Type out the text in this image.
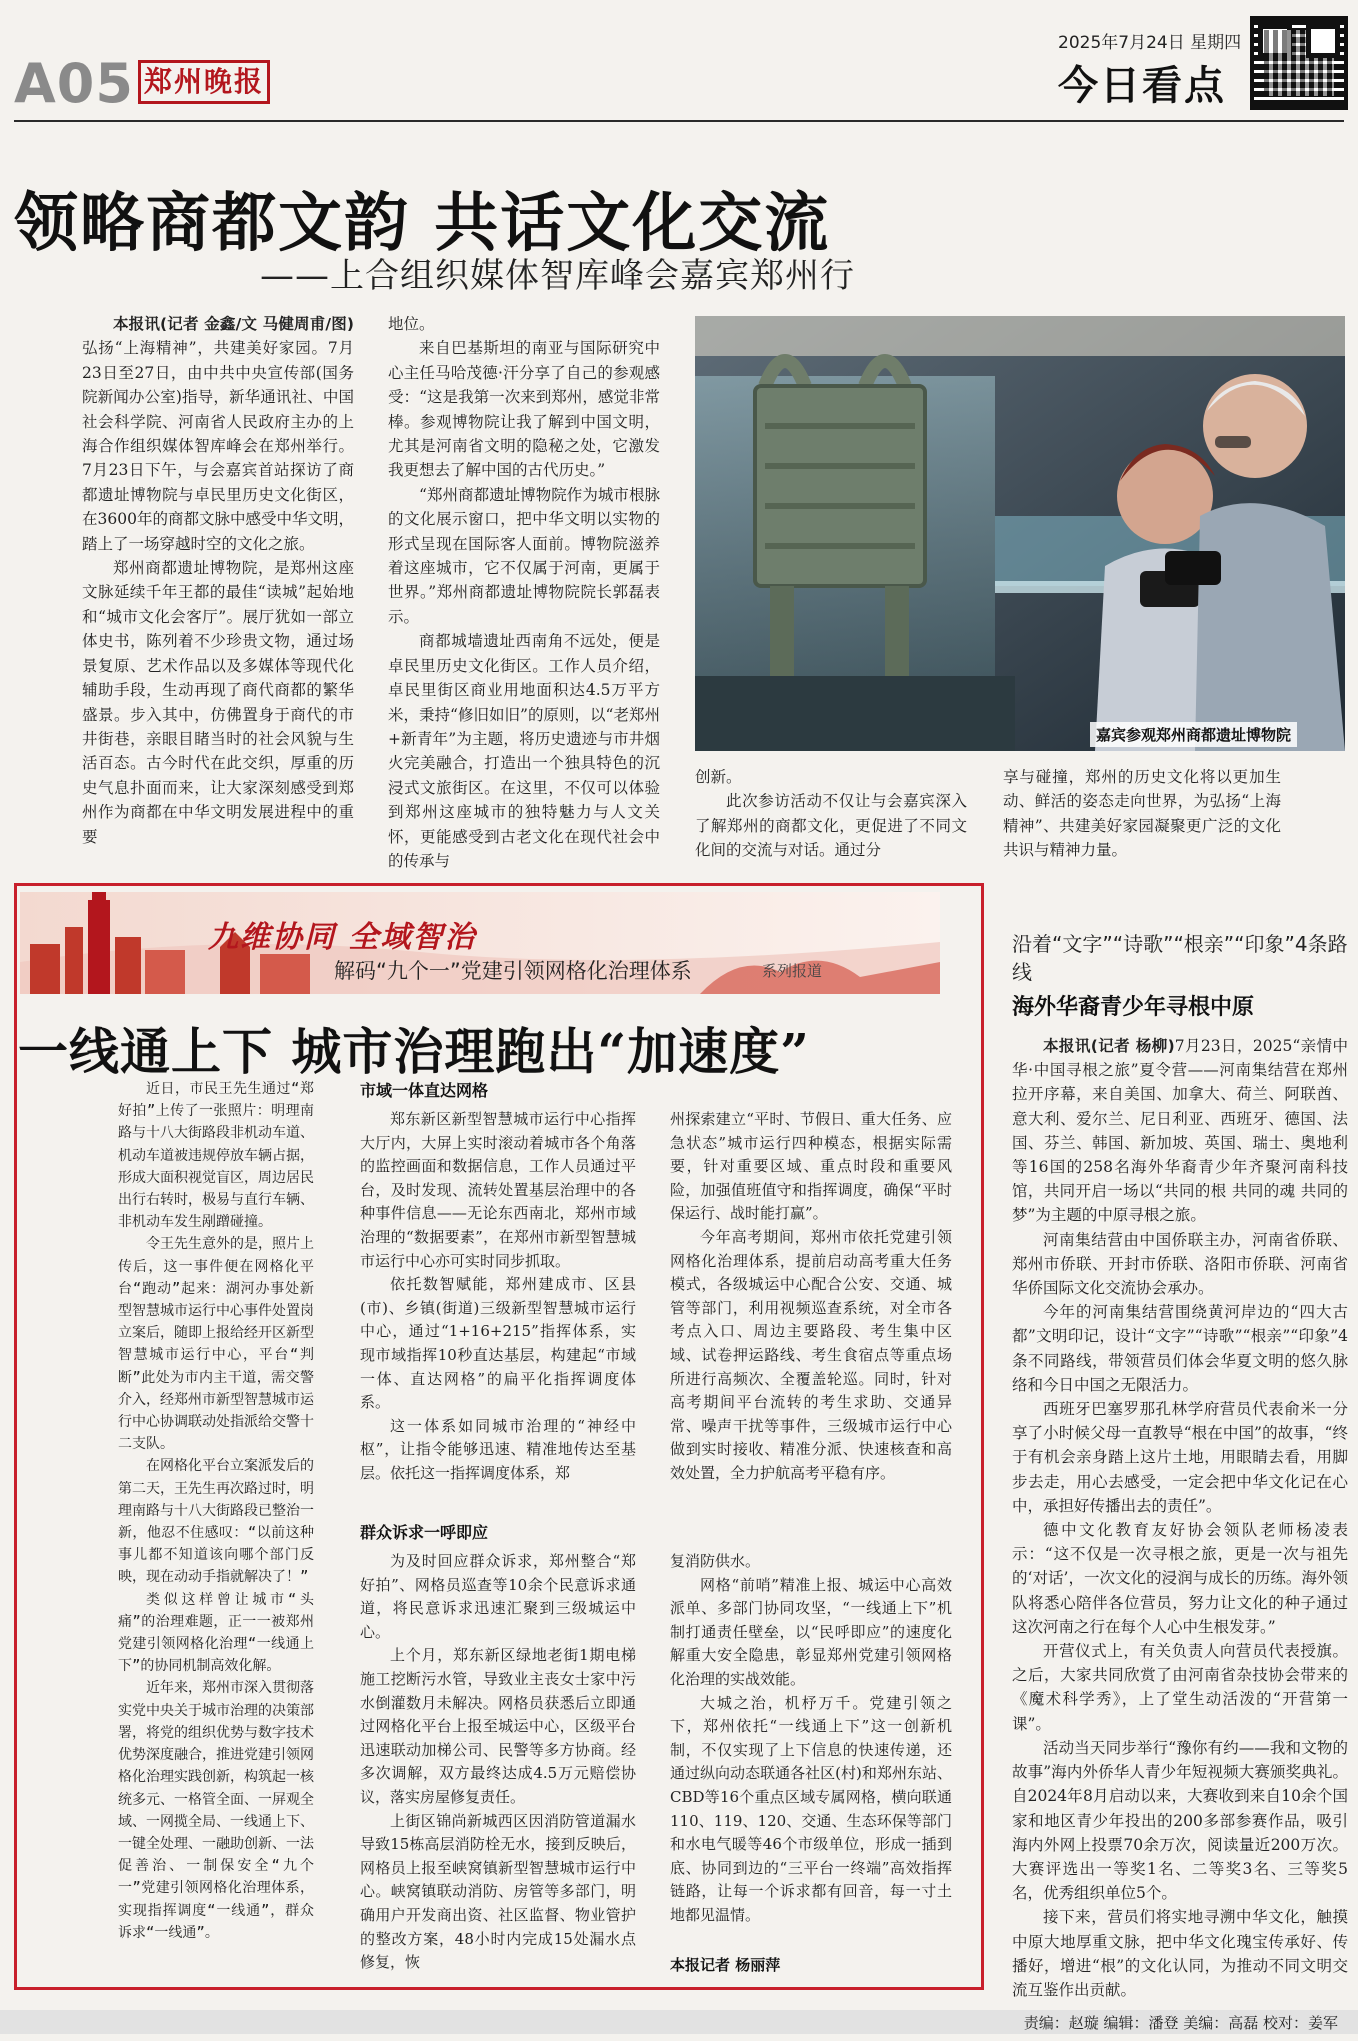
A05 郑州晚报
2025年7月24日 星期四
今日看点
领略商都文韵 共话文化交流
——上合组织媒体智库峰会嘉宾郑州行

本报讯(记者 金鑫/文 马健周甫/图)弘扬“上海精神”，共建美好家园。7月23日至27日，由中共中央宣传部(国务院新闻办公室)指导，新华通讯社、中国社会科学院、河南省人民政府主办的上海合作组织媒体智库峰会在郑州举行。7月23日下午，与会嘉宾首站探访了商都遗址博物院与卓民里历史文化街区，在3600年的商都文脉中感受中华文明，踏上了一场穿越时空的文化之旅。

郑州商都遗址博物院，是郑州这座文脉延续千年王都的最佳“读城”起始地和“城市文化会客厅”。展厅犹如一部立体史书，陈列着不少珍贵文物，通过场景复原、艺术作品以及多媒体等现代化辅助手段，生动再现了商代商都的繁华盛景。步入其中，仿佛置身于商代的市井街巷，亲眼目睹当时的社会风貌与生活百态。古今时代在此交织，厚重的历史气息扑面而来，让大家深刻感受到郑州作为商都在中华文明发展进程中的重要

地位。

来自巴基斯坦的南亚与国际研究中心主任马哈茂德·汗分享了自己的参观感受：“这是我第一次来到郑州，感觉非常棒。参观博物院让我了解到中国文明，尤其是河南省文明的隐秘之处，它激发我更想去了解中国的古代历史。”

“郑州商都遗址博物院作为城市根脉的文化展示窗口，把中华文明以实物的形式呈现在国际客人面前。博物院滋养着这座城市，它不仅属于河南，更属于世界。”郑州商都遗址博物院院长郭磊表示。

商都城墙遗址西南角不远处，便是卓民里历史文化街区。工作人员介绍，卓民里街区商业用地面积达4.5万平方米，秉持“修旧如旧”的原则，以“老郑州+新青年”为主题，将历史遗迹与市井烟火完美融合，打造出一个独具特色的沉浸式文旅街区。在这里，不仅可以体验到郑州这座城市的独特魅力与人文关怀，更能感受到古老文化在现代社会中的传承与

嘉宾参观郑州商都遗址博物院

创新。

此次参访活动不仅让与会嘉宾深入了解郑州的商都文化，更促进了不同文化间的交流与对话。通过分

享与碰撞，郑州的历史文化将以更加生动、鲜活的姿态走向世界，为弘扬“上海精神”、共建美好家园凝聚更广泛的文化共识与精神力量。

九维协同 全域智治
解码“九个一”党建引领网格化治理体系	系列报道
一线通上下 城市治理跑出“加速度”

近日，市民王先生通过“郑好拍”上传了一张照片：明理南路与十八大街路段非机动车道、机动车道被违规停放车辆占据，形成大面积视觉盲区，周边居民出行右转时，极易与直行车辆、非机动车发生剐蹭碰撞。

令王先生意外的是，照片上传后，这一事件便在网格化平台“跑动”起来：湖河办事处新型智慧城市运行中心事件处置岗立案后，随即上报给经开区新型智慧城市运行中心，平台“判断”此处为市内主干道，需交警介入，经郑州市新型智慧城市运行中心协调联动处指派给交警十二支队。

在网格化平台立案派发后的第二天，王先生再次路过时，明理南路与十八大街路段已整治一新，他忍不住感叹：“以前这种事儿都不知道该向哪个部门反映，现在动动手指就解决了！”

类似这样曾让城市“头痛”的治理难题，正一一被郑州党建引领网格化治理“一线通上下”的协同机制高效化解。

近年来，郑州市深入贯彻落实党中央关于城市治理的决策部署，将党的组织优势与数字技术优势深度融合，推进党建引领网格化治理实践创新，构筑起一核统多元、一格管全面、一屏观全域、一网揽全局、一线通上下、一键全处理、一融助创新、一法促善治、一制保安全“九个一”党建引领网格化治理体系，实现指挥调度“一线通”，群众诉求“一线通”。

市域一体直达网格

郑东新区新型智慧城市运行中心指挥大厅内，大屏上实时滚动着城市各个角落的监控画面和数据信息，工作人员通过平台，及时发现、流转处置基层治理中的各种事件信息——无论东西南北，郑州市域治理的“数据要素”，在郑州市新型智慧城市运行中心亦可实时同步抓取。

依托数智赋能，郑州建成市、区县(市)、乡镇(街道)三级新型智慧城市运行中心，通过“1+16+215”指挥体系，实现市域指挥10秒直达基层，构建起“市域一体、直达网格”的扁平化指挥调度体系。

这一体系如同城市治理的“神经中枢”，让指令能够迅速、精准地传达至基层。依托这一指挥调度体系，郑

州探索建立“平时、节假日、重大任务、应急状态”城市运行四种模态，根据实际需要，针对重要区域、重点时段和重要风险，加强值班值守和指挥调度，确保“平时保运行、战时能打赢”。

今年高考期间，郑州市依托党建引领网格化治理体系，提前启动高考重大任务模式，各级城运中心配合公安、交通、城管等部门，利用视频巡查系统，对全市各考点入口、周边主要路段、考生集中区域、试卷押运路线、考生食宿点等重点场所进行高频次、全覆盖轮巡。同时，针对高考期间平台流转的考生求助、交通异常、噪声干扰等事件，三级城市运行中心做到实时接收、精准分派、快速核查和高效处置，全力护航高考平稳有序。

群众诉求一呼即应

为及时回应群众诉求，郑州整合“郑好拍”、网格员巡查等10余个民意诉求通道，将民意诉求迅速汇聚到三级城运中心。

上个月，郑东新区绿地老街1期电梯施工挖断污水管，导致业主丧女士家中污水倒灌数月未解决。网格员获悉后立即通过网格化平台上报至城运中心，区级平台迅速联动加梯公司、民警等多方协商。经多次调解，双方最终达成4.5万元赔偿协议，落实房屋修复责任。

上街区锦尚新城西区因消防管道漏水导致15栋高层消防栓无水，接到反映后，网格员上报至峡窝镇新型智慧城市运行中心。峡窝镇联动消防、房管等多部门，明确用户开发商出资、社区监督、物业管护的整改方案，48小时内完成15处漏水点修复，恢

复消防供水。

网格“前哨”精准上报、城运中心高效派单、多部门协同攻坚，“一线通上下”机制打通责任壁垒，以“民呼即应”的速度化解重大安全隐患，彰显郑州党建引领网格化治理的实战效能。

大城之治，机杼万千。党建引领之下，郑州依托“一线通上下”这一创新机制，不仅实现了上下信息的快速传递，还通过纵向动态联通各社区(村)和郑州东站、CBD等16个重点区域专属网格，横向联通110、119、120、交通、生态环保等部门和水电气暖等46个市级单位，形成一插到底、协同到边的“三平台一终端”高效指挥链路，让每一个诉求都有回音，每一寸土地都见温情。

本报记者 杨丽萍
沿着“文字”“诗歌”“根亲”“印象”4条路线
海外华裔青少年寻根中原

本报讯(记者 杨柳)7月23日，2025“亲情中华·中国寻根之旅”夏令营——河南集结营在郑州拉开序幕，来自美国、加拿大、荷兰、阿联酋、意大利、爱尔兰、尼日利亚、西班牙、德国、法国、芬兰、韩国、新加坡、英国、瑞士、奥地利等16国的258名海外华裔青少年齐聚河南科技馆，共同开启一场以“共同的根 共同的魂 共同的梦”为主题的中原寻根之旅。

河南集结营由中国侨联主办，河南省侨联、郑州市侨联、开封市侨联、洛阳市侨联、河南省华侨国际文化交流协会承办。

今年的河南集结营围绕黄河岸边的“四大古都”文明印记，设计“文字”“诗歌”“根亲”“印象”4条不同路线，带领营员们体会华夏文明的悠久脉络和今日中国之无限活力。

西班牙巴塞罗那孔林学府营员代表俞米一分享了小时候父母一直教导“根在中国”的故事，“终于有机会亲身踏上这片土地，用眼睛去看，用脚步去走，用心去感受，一定会把中华文化记在心中，承担好传播出去的责任”。

德中文化教育友好协会领队老师杨凌表示：“这不仅是一次寻根之旅，更是一次与祖先的‘对话’，一次文化的浸润与成长的历练。海外领队将悉心陪伴各位营员，努力让文化的种子通过这次河南之行在每个人心中生根发芽。”

开营仪式上，有关负责人向营员代表授旗。之后，大家共同欣赏了由河南省杂技协会带来的《魔术科学秀》，上了堂生动活泼的“开营第一课”。

活动当天同步举行“豫你有约——我和文物的故事”海内外侨华人青少年短视频大赛颁奖典礼。自2024年8月启动以来，大赛收到来自10余个国家和地区青少年投出的200多部参赛作品，吸引海内外网上投票70余万次，阅读量近200万次。大赛评选出一等奖1名、二等奖3名、三等奖5名，优秀组织单位5个。

接下来，营员们将实地寻溯中华文化，触摸中原大地厚重文脉，把中华文化瑰宝传承好、传播好，增进“根”的文化认同，为推动不同文明交流互鉴作出贡献。

责编：赵璇 编辑：潘登 美编：高磊 校对：姜军
